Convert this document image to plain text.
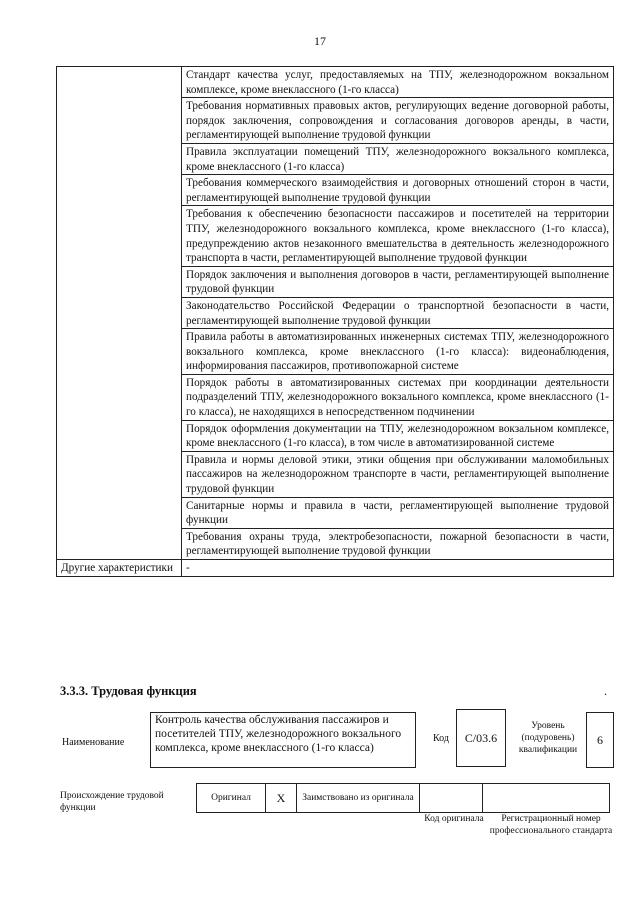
17
	Стандарт качества услуг, предоставляемых на ТПУ, железнодорожном вокзальном комплексе, кроме внеклассного (1-го класса)
	Требования нормативных правовых актов, регулирующих ведение договорной работы, порядок заключения, сопровождения и согласования договоров аренды, в части, регламентирующей выполнение трудовой функции
	Правила эксплуатации помещений ТПУ, железнодорожного вокзального комплекса, кроме внеклассного (1-го класса)
	Требования коммерческого взаимодействия и договорных отношений сторон в части, регламентирующей выполнение трудовой функции
	Требования к обеспечению безопасности пассажиров и посетителей на территории ТПУ, железнодорожного вокзального комплекса, кроме внеклассного (1-го класса), предупреждению актов незаконного вмешательства в деятельность железнодорожного транспорта в части, регламентирующей выполнение трудовой функции
	Порядок заключения и выполнения договоров в части, регламентирующей выполнение трудовой функции
	Законодательство Российской Федерации о транспортной безопасности в части, регламентирующей выполнение трудовой функции
	Правила работы в автоматизированных инженерных системах ТПУ, железнодорожного вокзального комплекса, кроме внеклассного (1-го класса): видеонаблюдения, информирования пассажиров, противопожарной системе
	Порядок работы в автоматизированных системах при координации деятельности подразделений ТПУ, железнодорожного вокзального комплекса, кроме внеклассного (1-го класса), не находящихся в непосредственном подчинении
	Порядок оформления документации на ТПУ, железнодорожном вокзальном комплексе, кроме внеклассного (1-го класса), в том числе в автоматизированной системе
	Правила и нормы деловой этики, этики общения при обслуживании маломобильных пассажиров на железнодорожном транспорте в части, регламентирующей выполнение трудовой функции
	Санитарные нормы и правила в части, регламентирующей выполнение трудовой функции
	Требования охраны труда, электробезопасности, пожарной безопасности в части, регламентирующей выполнение трудовой функции
Другие характеристики	-
3.3.3. Трудовая функция	.
Наименование
Контроль качества обслуживания пассажиров и посетителей ТПУ, железнодорожного вокзального комплекса, кроме внеклассного (1-го класса)
Код	C/03.6
Уровень (подуровень) квалификации
6
Происхождение трудовой функции
Оригинал	X	Заимствовано из оригинала		
Код оригинала	Регистрационный номер профессионального стандарта
